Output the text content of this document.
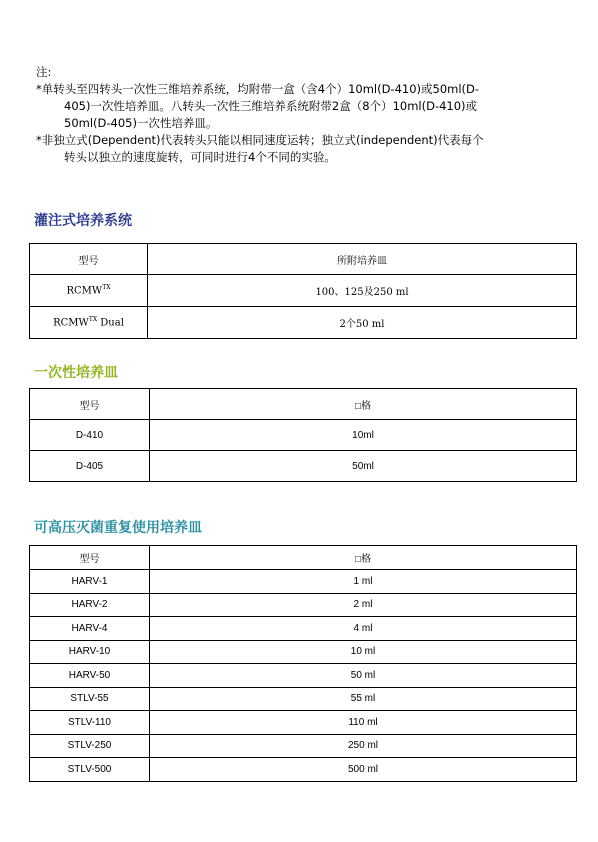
注:
*单转头至四转头一次性三维培养系统，均附带一盒（含4个）10ml(D-410)或50ml(D-
405)一次性培养皿。八转头一次性三维培养系统附带2盒（8个）10ml(D-410)或
50ml(D-405)一次性培养皿。
*非独立式(Dependent)代表转头只能以相同速度运转；独立式(independent)代表每个
转头以独立的速度旋转，可同时进行4个不同的实验。
灌注式培养系统
型号	所附培养皿
$RCMW^{TX}$	100、125及250 ml
$RCMW^{TX}$ Dual	2个50 ml
一次性培养皿
型号	□格
D-410	10ml
D-405	50ml
可高压灭菌重复使用培养皿
型号	□格
HARV-1	1 ml
HARV-2	2 ml
HARV-4	4 ml
HARV-10	10 ml
HARV-50	50 ml
STLV-55	55 ml
STLV-110	110 ml
STLV-250	250 ml
STLV-500	500 ml
